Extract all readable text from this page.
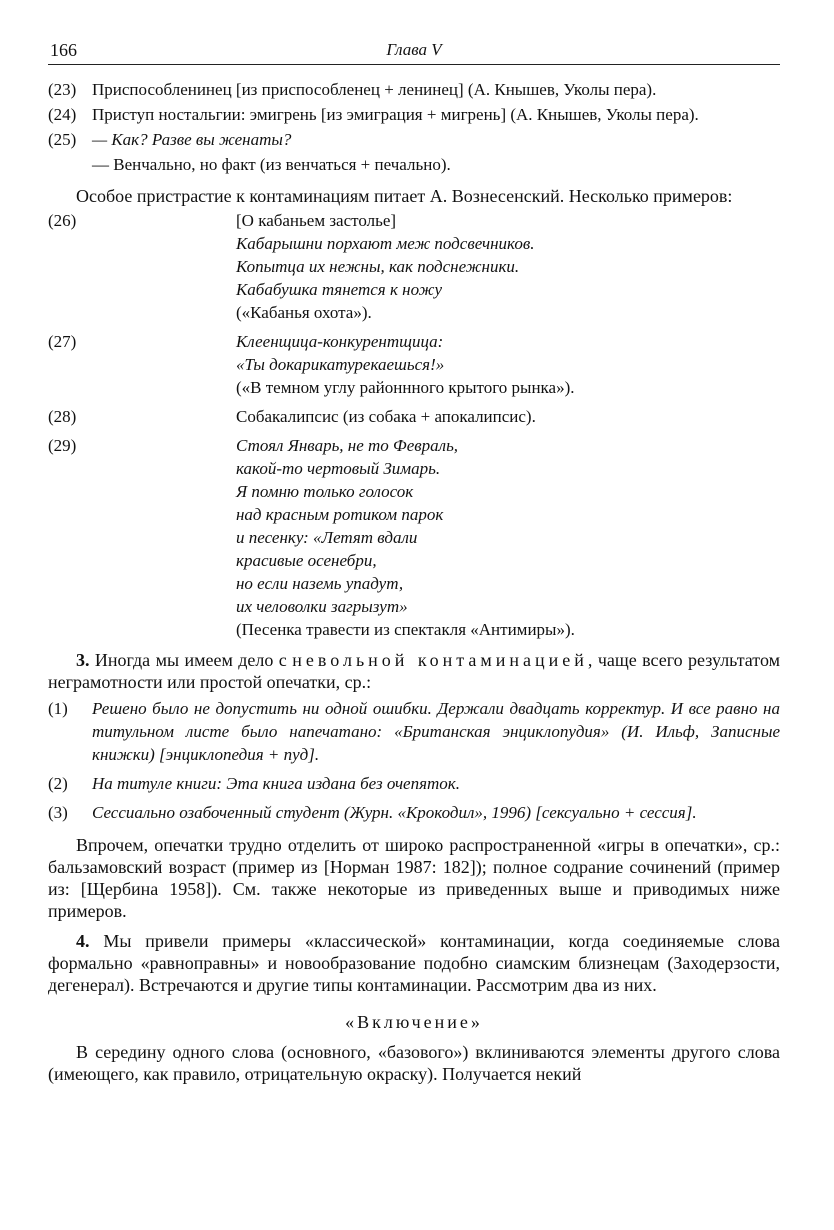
166	Глава V
(23) Приспособленинец [из приспособленец + ленинец] (А. Кнышев, Уколы пера).
(24) Приступ ностальгии: эмигрень [из эмиграция + мигрень] (А. Кнышев, Уколы пера).
(25) — Как? Разве вы женаты?
— Венчально, но факт (из венчаться + печально).
Особое пристрастие к контаминациям питает А. Вознесенский. Несколько примеров:
(26)	[О кабаньем застолье]
Кабарышни порхают меж подсвечников.
Копытца их нежны, как подснежники.
Кабабушка тянется к ножу
(«Кабанья охота»).
(27)	Клеенщица-конкурентщица:
«Ты докарикатурекаешься!»
(«В темном углу районнного крытого рынка»).
(28)	Собакалипсис (из собака + апокалипсис).
(29)	Стоял Январь, не то Февраль,
какой-то чертовый Зимарь.
Я помню только голосок
над красным ротиком парок
и песенку: «Летят вдали
красивые осенебри,
но если наземь упадут,
их человолки загрызут»
(Песенка травести из спектакля «Антимиры»).
3. Иногда мы имеем дело с невольной контаминацией, чаще всего результатом неграмотности или простой опечатки, ср.:
(1)	Решено было не допустить ни одной ошибки. Держали двадцать корректур. И все равно на титульном листе было напечатано: «Британская энциклопудия» (И. Ильф, Записные книжки) [энциклопедия + пуд].
(2)	На титуле книги: Эта книга издана без очепяток.
(3)	Сессиально озабоченный студент (Журн. «Крокодил», 1996) [сексуально + сессия].
Впрочем, опечатки трудно отделить от широко распространенной «игры в опечатки», ср.: бальзамовский возраст (пример из [Норман 1987: 182]); полное содрание сочинений (пример из: [Щербина 1958]). См. также некоторые из приведенных выше и приводимых ниже примеров.
4. Мы привели примеры «классической» контаминации, когда соединяемые слова формально «равноправны» и новообразование подобно сиамским близнецам (Заходерзости, дегенерал). Встречаются и другие типы контаминации. Рассмотрим два из них.
«Включение»
В середину одного слова (основного, «базового») вклиниваются элементы другого слова (имеющего, как правило, отрицательную окраску). Получается некий
